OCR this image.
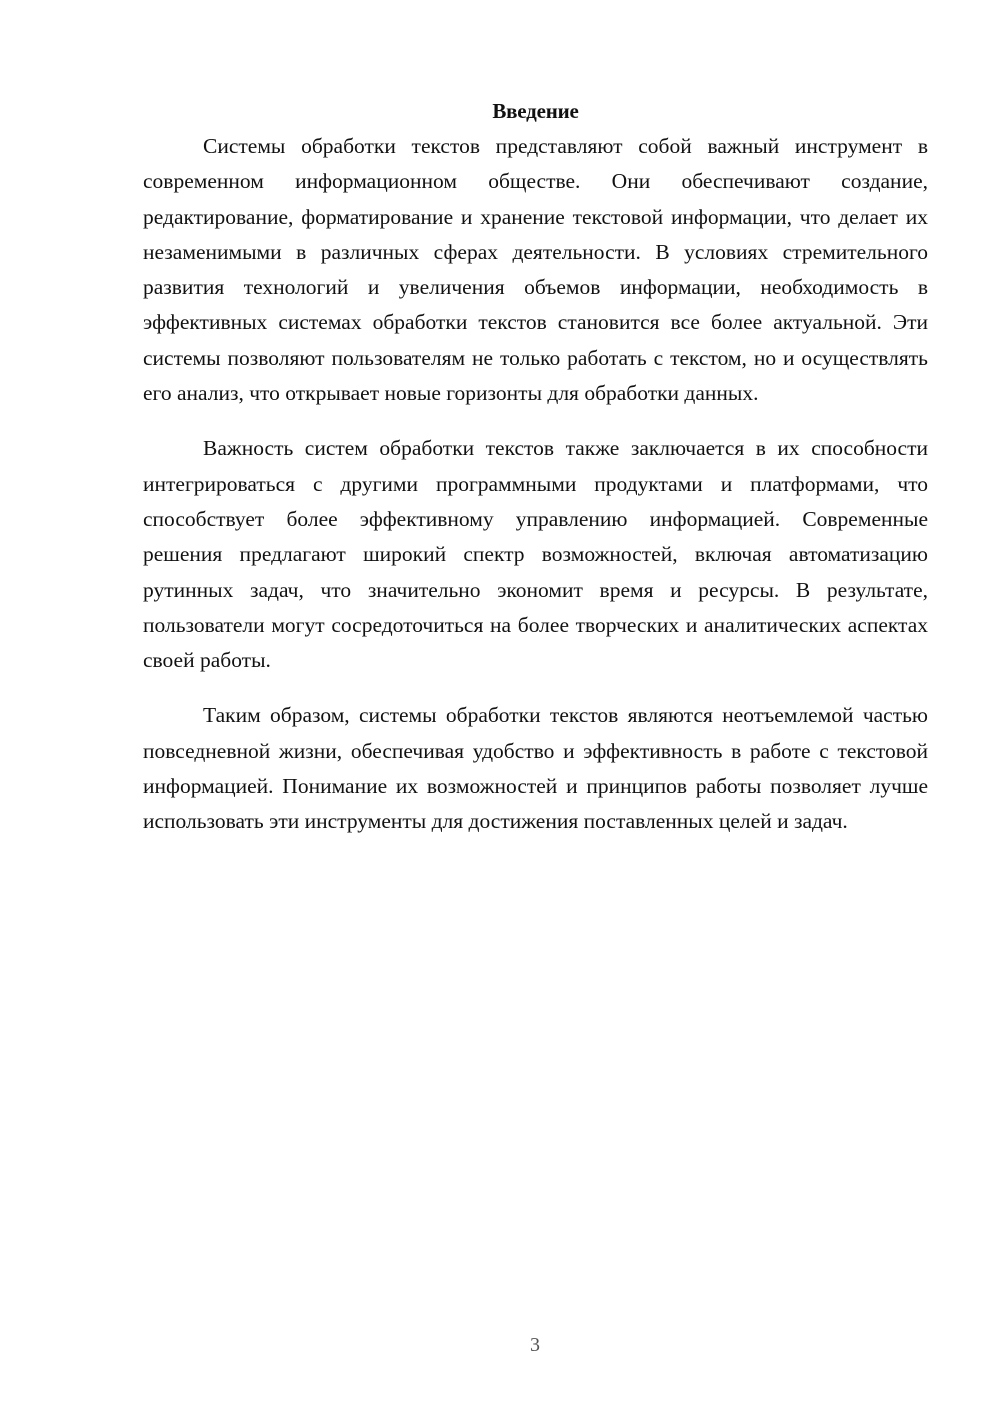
Введение

Системы обработки текстов представляют собой важный инструмент в современном информационном обществе. Они обеспечивают создание, редактирование, форматирование и хранение текстовой информации, что делает их незаменимыми в различных сферах деятельности. В условиях стремительного развития технологий и увеличения объемов информации, необходимость в эффективных системах обработки текстов становится все более актуальной. Эти системы позволяют пользователям не только работать с текстом, но и осуществлять его анализ, что открывает новые горизонты для обработки данных.

Важность систем обработки текстов также заключается в их способности интегрироваться с другими программными продуктами и платформами, что способствует более эффективному управлению информацией. Современные решения предлагают широкий спектр возможностей, включая автоматизацию рутинных задач, что значительно экономит время и ресурсы. В результате, пользователи могут сосредоточиться на более творческих и аналитических аспектах своей работы.

Таким образом, системы обработки текстов являются неотъемлемой частью повседневной жизни, обеспечивая удобство и эффективность в работе с текстовой информацией. Понимание их возможностей и принципов работы позволяет лучше использовать эти инструменты для достижения поставленных целей и задач.

3
